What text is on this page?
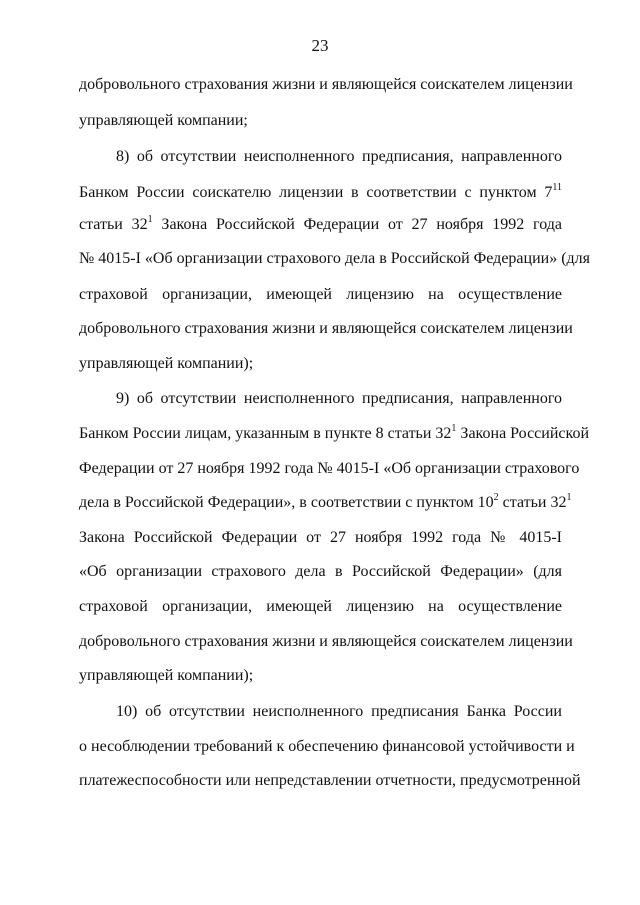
23
добровольного страхования жизни и являющейся соискателем лицензии
управляющей компании;
8) об отсутствии неисполненного предписания, направленного
Банком России соискателю лицензии в соответствии с пунктом $7^{11}$
статьи $32^1$ Закона Российской Федерации от 27 ноября 1992 года
№ 4015-I «Об организации страхового дела в Российской Федерации» (для
страховой организации, имеющей лицензию на осуществление
добровольного страхования жизни и являющейся соискателем лицензии
управляющей компании);
9) об отсутствии неисполненного предписания, направленного
Банком России лицам, указанным в пункте 8 статьи $32^1$ Закона Российской
Федерации от 27 ноября 1992 года № 4015-I «Об организации страхового
дела в Российской Федерации», в соответствии с пунктом $10^2$ статьи $32^1$
Закона Российской Федерации от 27 ноября 1992 года № 4015-I
«Об организации страхового дела в Российской Федерации» (для
страховой организации, имеющей лицензию на осуществление
добровольного страхования жизни и являющейся соискателем лицензии
управляющей компании);
10) об отсутствии неисполненного предписания Банка России
о несоблюдении требований к обеспечению финансовой устойчивости и
платежеспособности или непредставлении отчетности, предусмотренной
